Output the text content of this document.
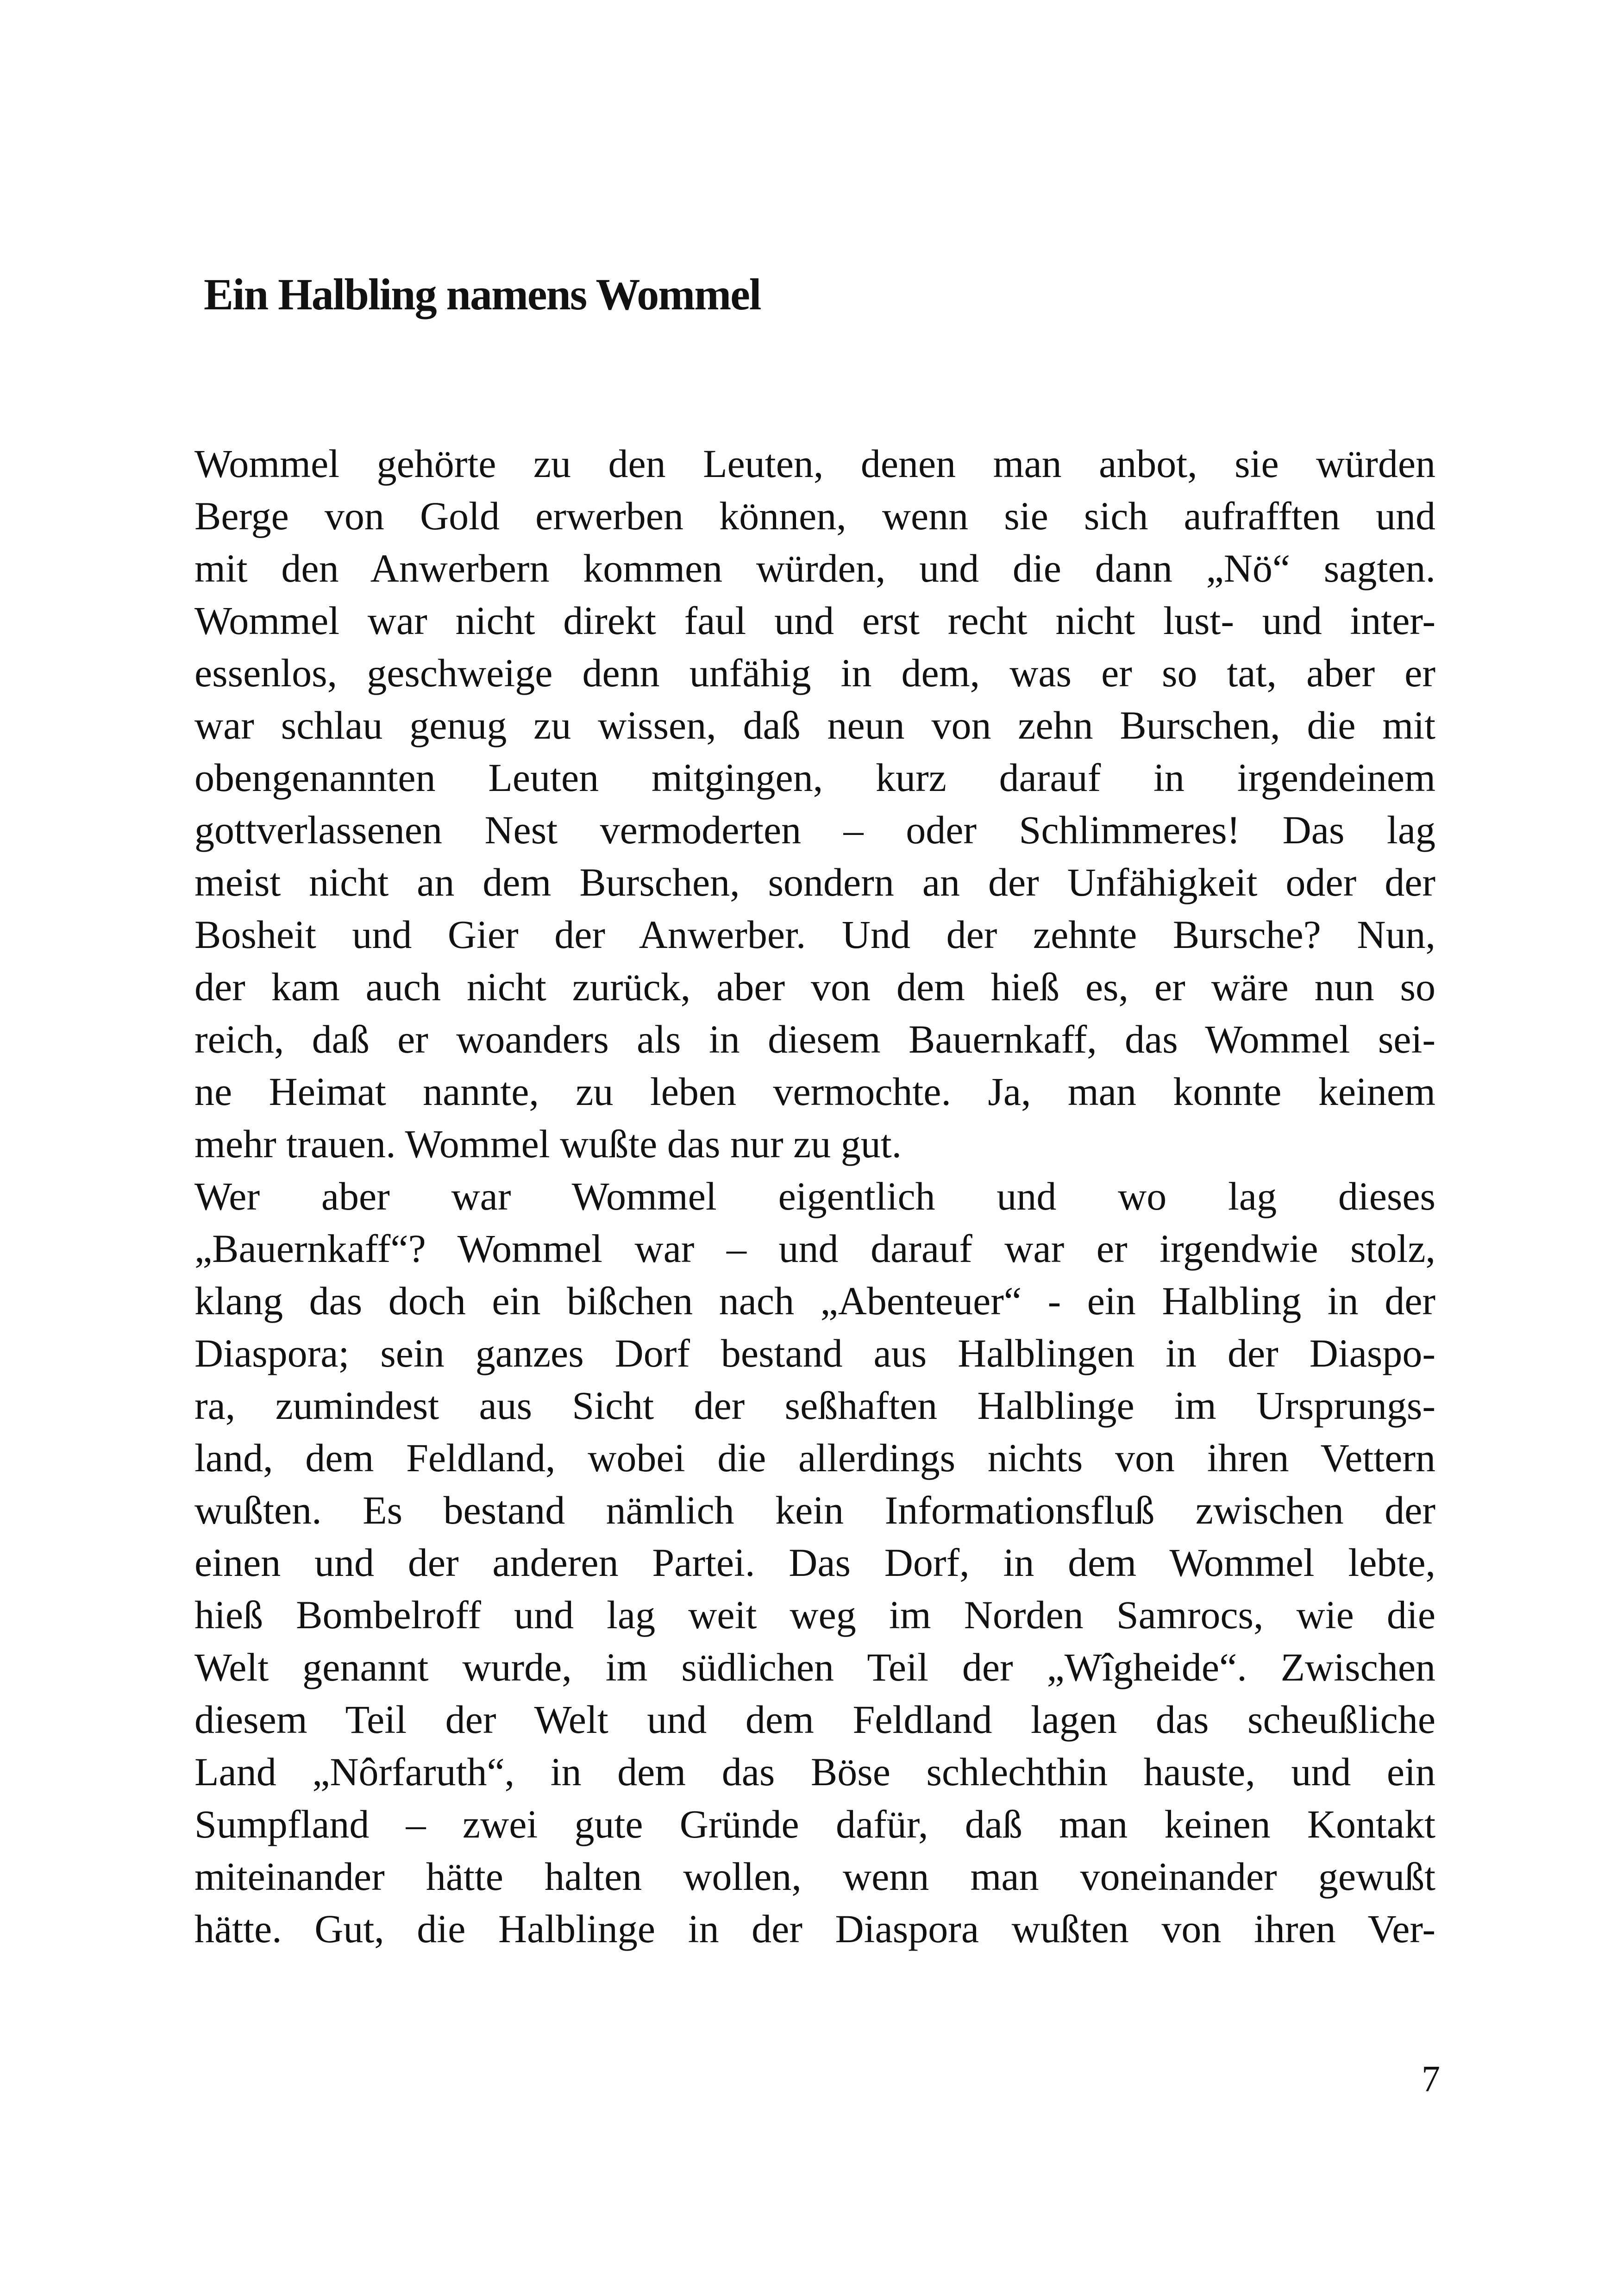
Ein Halbling namens Wommel
Wommel gehörte zu den Leuten, denen man anbot, sie würden
Berge von Gold erwerben können, wenn sie sich aufrafften und
mit den Anwerbern kommen würden, und die dann „Nö“ sagten.
Wommel war nicht direkt faul und erst recht nicht lust- und inter-
essenlos, geschweige denn unfähig in dem, was er so tat, aber er
war schlau genug zu wissen, daß neun von zehn Burschen, die mit
obengenannten Leuten mitgingen, kurz darauf in irgendeinem
gottverlassenen Nest vermoderten – oder Schlimmeres! Das lag
meist nicht an dem Burschen, sondern an der Unfähigkeit oder der
Bosheit und Gier der Anwerber. Und der zehnte Bursche? Nun,
der kam auch nicht zurück, aber von dem hieß es, er wäre nun so
reich, daß er woanders als in diesem Bauernkaff, das Wommel sei-
ne Heimat nannte, zu leben vermochte. Ja, man konnte keinem
mehr trauen. Wommel wußte das nur zu gut.
Wer aber war Wommel eigentlich und wo lag dieses
„Bauernkaff“? Wommel war – und darauf war er irgendwie stolz,
klang das doch ein bißchen nach „Abenteuer“ - ein Halbling in der
Diaspora; sein ganzes Dorf bestand aus Halblingen in der Diaspo-
ra, zumindest aus Sicht der seßhaften Halblinge im Ursprungs-
land, dem Feldland, wobei die allerdings nichts von ihren Vettern
wußten. Es bestand nämlich kein Informationsfluß zwischen der
einen und der anderen Partei. Das Dorf, in dem Wommel lebte,
hieß Bombelroff und lag weit weg im Norden Samrocs, wie die
Welt genannt wurde, im südlichen Teil der „Wîgheide“. Zwischen
diesem Teil der Welt und dem Feldland lagen das scheußliche
Land „Nôrfaruth“, in dem das Böse schlechthin hauste, und ein
Sumpfland – zwei gute Gründe dafür, daß man keinen Kontakt
miteinander hätte halten wollen, wenn man voneinander gewußt
hätte. Gut, die Halblinge in der Diaspora wußten von ihren Ver-
7
